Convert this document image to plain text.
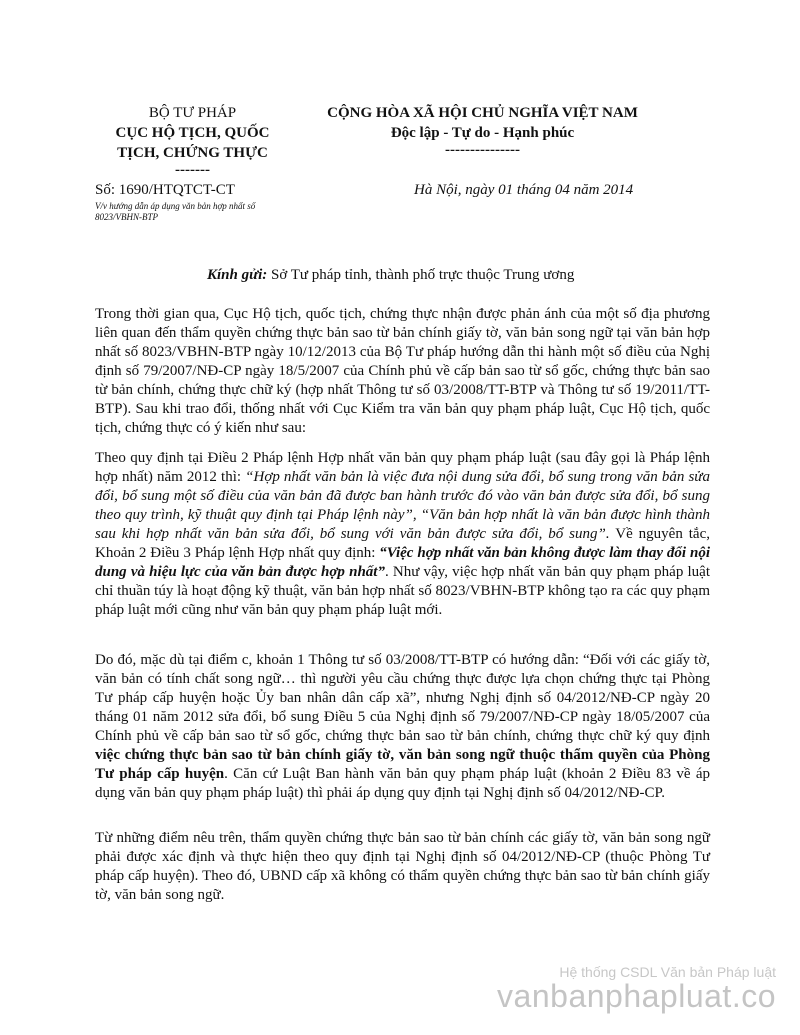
BỘ TƯ PHÁP
CỤC HỘ TỊCH, QUỐC
TỊCH, CHỨNG THỰC
-------
CỘNG HÒA XÃ HỘI CHỦ NGHĨA VIỆT NAM
Độc lập - Tự do - Hạnh phúc
---------------
Số: 1690/HTQTCT-CT
V/v hướng dẫn áp dụng văn bản hợp nhất số
8023/VBHN-BTP
Hà Nội, ngày 01 tháng 04 năm 2014
Kính gửi: Sở Tư pháp tỉnh, thành phố trực thuộc Trung ương

Trong thời gian qua, Cục Hộ tịch, quốc tịch, chứng thực nhận được phản ánh của một số địa phương liên quan đến thẩm quyền chứng thực bản sao từ bản chính giấy tờ, văn bản song ngữ tại văn bản hợp nhất số 8023/VBHN-BTP ngày 10/12/2013 của Bộ Tư pháp hướng dẫn thi hành một số điều của Nghị định số 79/2007/NĐ-CP ngày 18/5/2007 của Chính phủ về cấp bản sao từ sổ gốc, chứng thực bản sao từ bản chính, chứng thực chữ ký (hợp nhất Thông tư số 03/2008/TT-BTP và Thông tư số 19/2011/TT-BTP). Sau khi trao đổi, thống nhất với Cục Kiểm tra văn bản quy phạm pháp luật, Cục Hộ tịch, quốc tịch, chứng thực có ý kiến như sau:

Theo quy định tại Điều 2 Pháp lệnh Hợp nhất văn bản quy phạm pháp luật (sau đây gọi là Pháp lệnh hợp nhất) năm 2012 thì: “Hợp nhất văn bản là việc đưa nội dung sửa đổi, bổ sung trong văn bản sửa đổi, bổ sung một số điều của văn bản đã được ban hành trước đó vào văn bản được sửa đổi, bổ sung theo quy trình, kỹ thuật quy định tại Pháp lệnh này”, “Văn bản hợp nhất là văn bản được hình thành sau khi hợp nhất văn bản sửa đổi, bổ sung với văn bản được sửa đổi, bổ sung”. Về nguyên tắc, Khoản 2 Điều 3 Pháp lệnh Hợp nhất quy định: “Việc hợp nhất văn bản không được làm thay đổi nội dung và hiệu lực của văn bản được hợp nhất”. Như vậy, việc hợp nhất văn bản quy phạm pháp luật chỉ thuần túy là hoạt động kỹ thuật, văn bản hợp nhất số 8023/VBHN-BTP không tạo ra các quy phạm pháp luật mới cũng như văn bản quy phạm pháp luật mới.

Do đó, mặc dù tại điểm c, khoản 1 Thông tư số 03/2008/TT-BTP có hướng dẫn: “Đối với các giấy tờ, văn bản có tính chất song ngữ… thì người yêu cầu chứng thực được lựa chọn chứng thực tại Phòng Tư pháp cấp huyện hoặc Ủy ban nhân dân cấp xã”, nhưng Nghị định số 04/2012/NĐ-CP ngày 20 tháng 01 năm 2012 sửa đổi, bổ sung Điều 5 của Nghị định số 79/2007/NĐ-CP ngày 18/05/2007 của Chính phủ về cấp bản sao từ sổ gốc, chứng thực bản sao từ bản chính, chứng thực chữ ký quy định việc chứng thực bản sao từ bản chính giấy tờ, văn bản song ngữ thuộc thẩm quyền của Phòng Tư pháp cấp huyện. Căn cứ Luật Ban hành văn bản quy phạm pháp luật (khoản 2 Điều 83 về áp dụng văn bản quy phạm pháp luật) thì phải áp dụng quy định tại Nghị định số 04/2012/NĐ-CP.

Từ những điểm nêu trên, thẩm quyền chứng thực bản sao từ bản chính các giấy tờ, văn bản song ngữ phải được xác định và thực hiện theo quy định tại Nghị định số 04/2012/NĐ-CP (thuộc Phòng Tư pháp cấp huyện). Theo đó, UBND cấp xã không có thẩm quyền chứng thực bản sao từ bản chính giấy tờ, văn bản song ngữ.

Hệ thống CSDL Văn bản Pháp luật
vanbanphapluat.co
